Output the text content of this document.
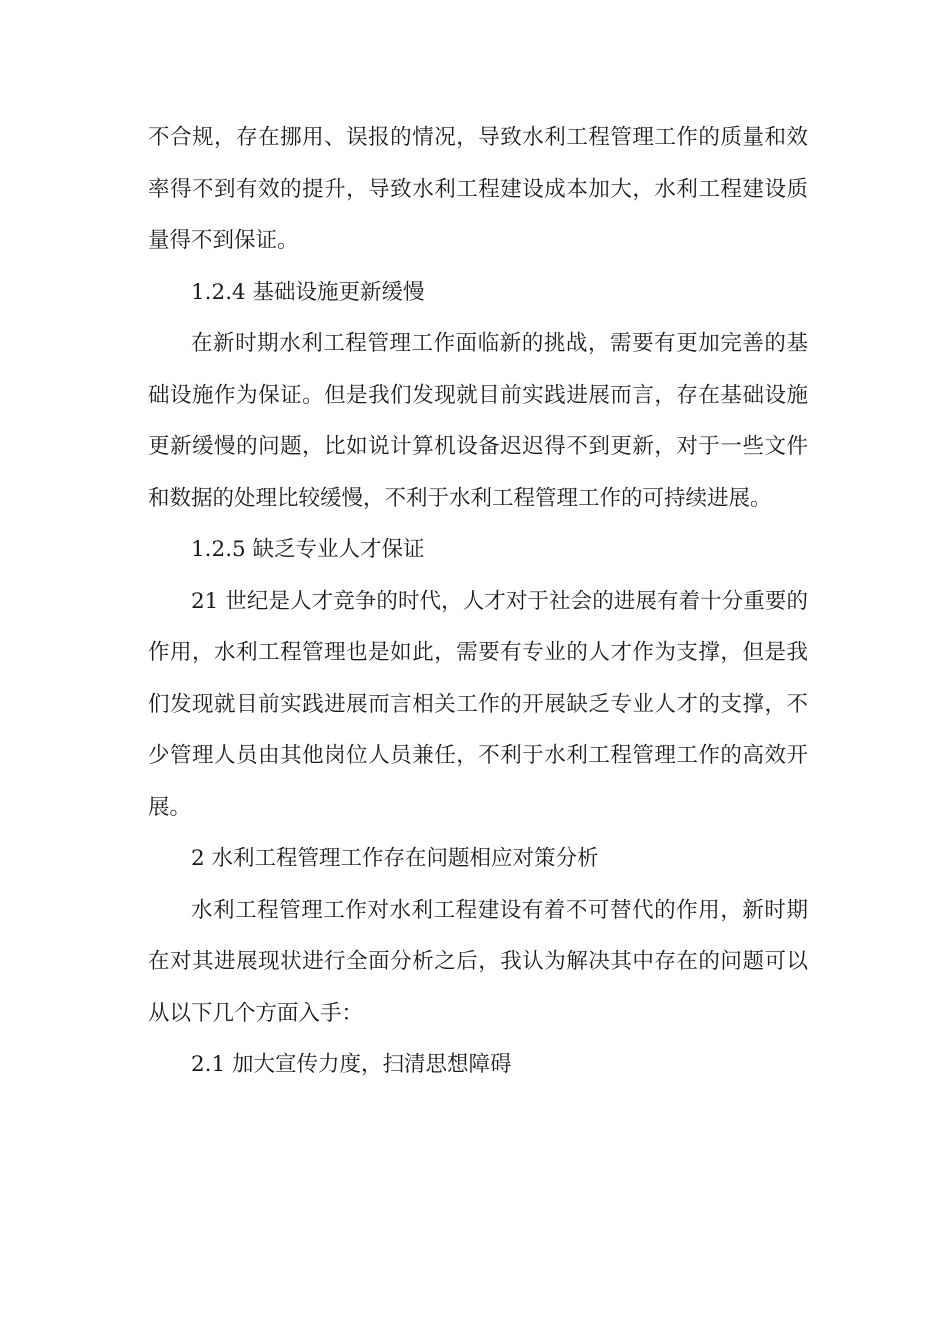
不合规，存在挪用、误报的情况，导致水利工程管理工作的质量和效率得不到有效的提升，导致水利工程建设成本加大，水利工程建设质量得不到保证。

1.2.4 基础设施更新缓慢

在新时期水利工程管理工作面临新的挑战，需要有更加完善的基础设施作为保证。但是我们发现就目前实践进展而言，存在基础设施更新缓慢的问题，比如说计算机设备迟迟得不到更新，对于一些文件和数据的处理比较缓慢，不利于水利工程管理工作的可持续进展。

1.2.5 缺乏专业人才保证

21 世纪是人才竞争的时代，人才对于社会的进展有着十分重要的作用，水利工程管理也是如此，需要有专业的人才作为支撑，但是我们发现就目前实践进展而言相关工作的开展缺乏专业人才的支撑，不少管理人员由其他岗位人员兼任，不利于水利工程管理工作的高效开展。

2 水利工程管理工作存在问题相应对策分析

水利工程管理工作对水利工程建设有着不可替代的作用，新时期在对其进展现状进行全面分析之后，我认为解决其中存在的问题可以从以下几个方面入手：

2.1 加大宣传力度，扫清思想障碍
